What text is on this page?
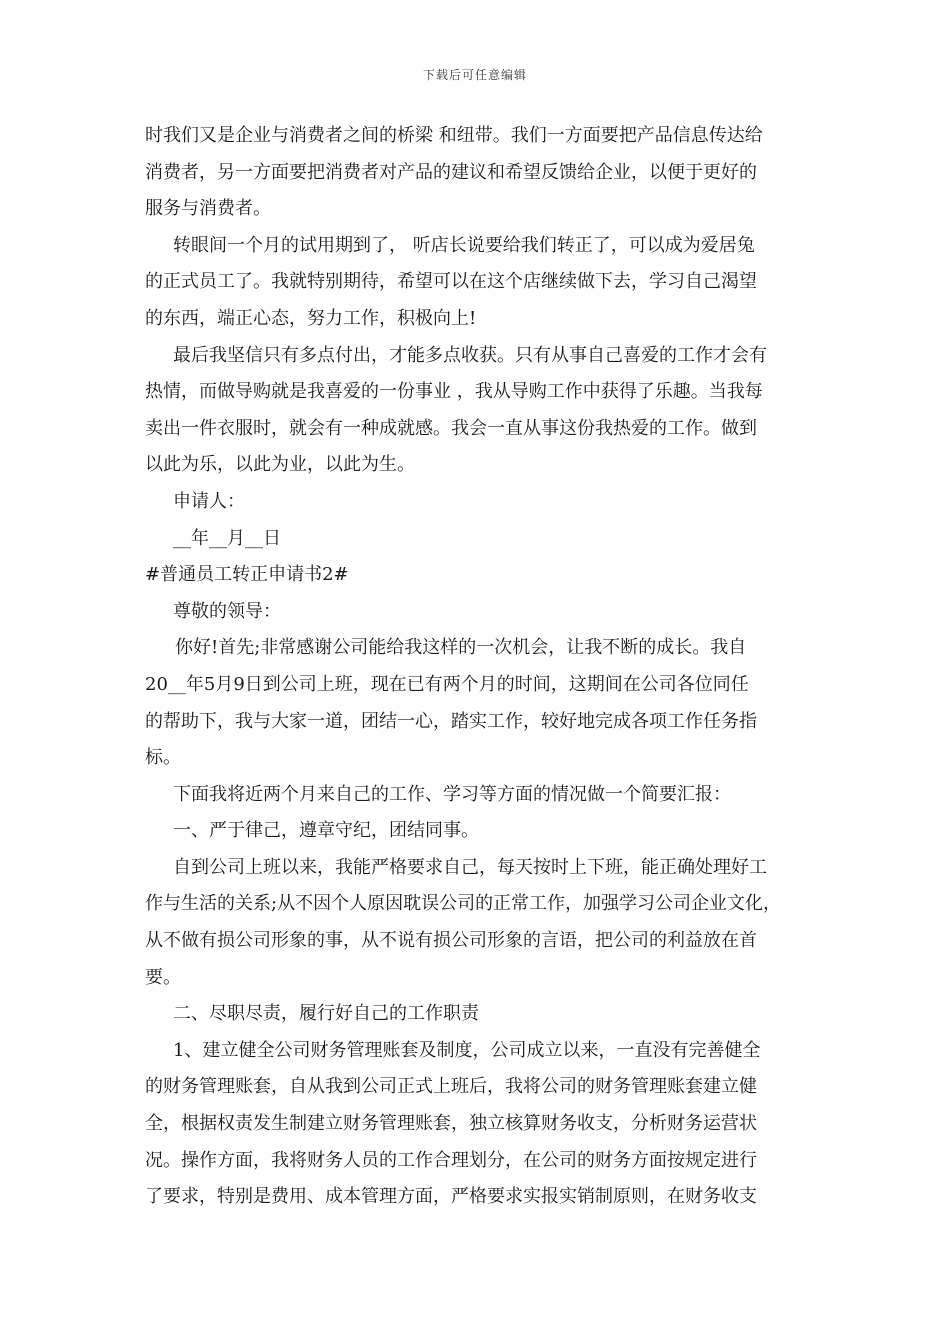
下载后可任意编辑
时我们又是企业与消费者之间的桥梁 和纽带。我们一方面要把产品信息传达给
消费者，另一方面要把消费者对产品的建议和希望反馈给企业，以便于更好的
服务与消费者。
转眼间一个月的试用期到了， 听店长说要给我们转正了，可以成为爱居兔
的正式员工了。我就特别期待，希望可以在这个店继续做下去，学习自己渴望
的东西，端正心态，努力工作，积极向上!
最后我坚信只有多点付出，才能多点收获。只有从事自己喜爱的工作才会有
热情，而做导购就是我喜爱的一份事业 ，我从导购工作中获得了乐趣。当我每
卖出一件衣服时，就会有一种成就感。我会一直从事这份我热爱的工作。做到
以此为乐，以此为业，以此为生。
申请人：
__年__月__日
#普通员工转正申请书2#
尊敬的领导：
你好!首先;非常感谢公司能给我这样的一次机会，让我不断的成长。我自
20__年5月9日到公司上班，现在已有两个月的时间，这期间在公司各位同任
的帮助下，我与大家一道，团结一心，踏实工作，较好地完成各项工作任务指
标。
下面我将近两个月来自己的工作、学习等方面的情况做一个简要汇报：
一、严于律己，遵章守纪，团结同事。
自到公司上班以来，我能严格要求自己，每天按时上下班，能正确处理好工
作与生活的关系;从不因个人原因耽误公司的正常工作，加强学习公司企业文化，
从不做有损公司形象的事，从不说有损公司形象的言语，把公司的利益放在首
要。
二、尽职尽责，履行好自己的工作职责
1、建立健全公司财务管理账套及制度，公司成立以来，一直没有完善健全
的财务管理账套，自从我到公司正式上班后，我将公司的财务管理账套建立健
全，根据权责发生制建立财务管理账套，独立核算财务收支，分析财务运营状
况。操作方面，我将财务人员的工作合理划分，在公司的财务方面按规定进行
了要求，特别是费用、成本管理方面，严格要求实报实销制原则，在财务收支
